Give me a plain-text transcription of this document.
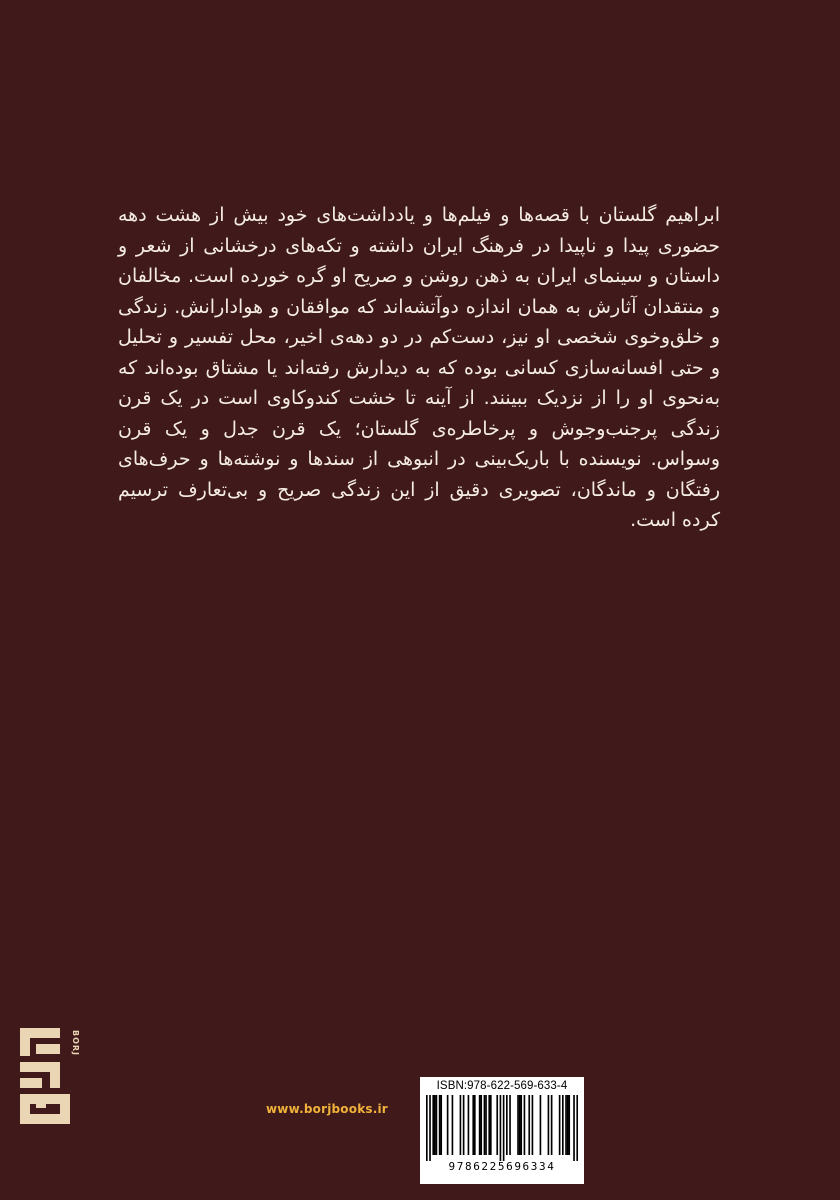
ابراهیم گلستان با قصه‌ها و فیلم‌ها و یادداشت‌های خود بیش از هشت دهه حضوری پیدا و ناپیدا در فرهنگ ایران داشته و تکه‌های درخشانی از شعر و داستان و سینمای ایران به ذهن روشن و صریح او گره خورده است. مخالفان و منتقدان آثارش به همان اندازه دوآتشه‌اند که موافقان و هوادارانش. زندگی و خلق‌وخوی شخصی او نیز، دست‌کم در دو دهه‌ی اخیر، محل تفسیر و تحلیل و حتی افسانه‌سازی کسانی بوده که به دیدارش رفته‌اند یا مشتاق بوده‌اند که به‌نحوی او را از نزدیک ببینند. از آینه تا خشت کندوکاوی است در یک قرن زندگی پرجنب‌وجوش و پرخاطره‌ی گلستان؛ یک قرن جدل و یک قرن وسواس. نویسنده با باریک‌بینی در انبوهی از سندها و نوشته‌ها و حرف‌های رفتگان و ماندگان، تصویری دقیق از این زندگی صریح و بی‌تعارف ترسیم کرده است.

BORJ
www.borjbooks.ir
ISBN:978-622-569-633-4
9786225696334
